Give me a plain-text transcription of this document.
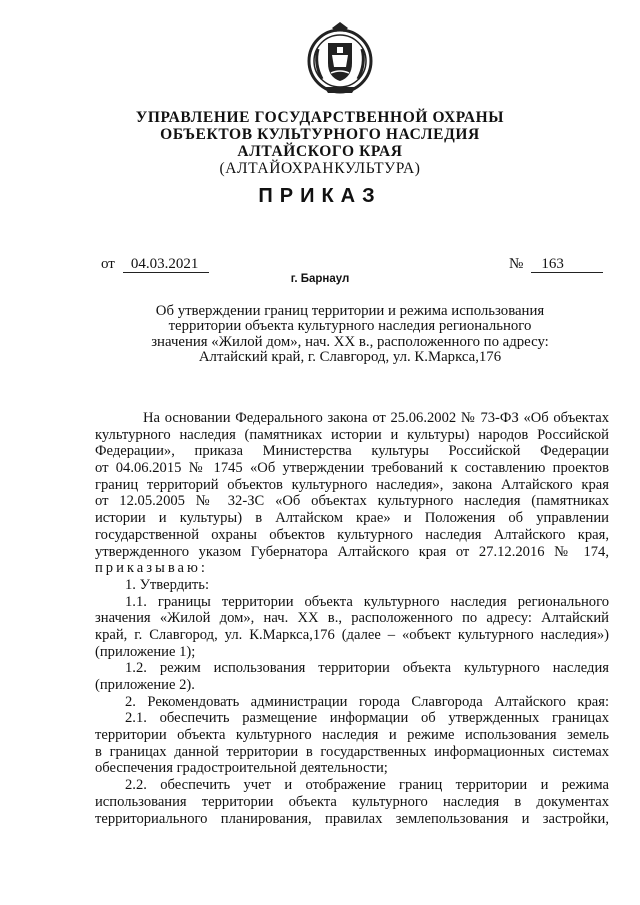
УПРАВЛЕНИЕ ГОСУДАРСТВЕННОЙ ОХРАНЫ
ОБЪЕКТОВ КУЛЬТУРНОГО НАСЛЕДИЯ
АЛТАЙСКОГО КРАЯ
(АЛТАЙОХРАНКУЛЬТУРА)
ПРИКАЗ
от 04.03.2021	№ 163
г. Барнаул
Об утверждении границ территории и режима использования
территории объекта культурного наследия регионального
значения «Жилой дом», нач. XX в., расположенного по адресу:
Алтайский край, г. Славгород, ул. К.Маркса,176
На основании Федерального закона от 25.06.2002 № 73-ФЗ «Об объектах
культурного наследия (памятниках истории и культуры) народов Российской
Федерации», приказа Министерства культуры Российской Федерации
от 04.06.2015 № 1745 «Об утверждении требований к составлению проектов
границ территорий объектов культурного наследия», закона Алтайского края
от 12.05.2005 № 32-ЗС «Об объектах культурного наследия (памятниках
истории и культуры) в Алтайском крае» и Положения об управлении
государственной охраны объектов культурного наследия Алтайского края,
утвержденного указом Губернатора Алтайского края от 27.12.2016 № 174,
приказываю:
1. Утвердить:
1.1. границы территории объекта культурного наследия регионального
значения «Жилой дом», нач. XX в., расположенного по адресу: Алтайский
край, г. Славгород, ул. К.Маркса,176 (далее – «объект культурного наследия»)
(приложение 1);
1.2. режим использования территории объекта культурного наследия
(приложение 2).
2. Рекомендовать администрации города Славгорода Алтайского края:
2.1. обеспечить размещение информации об утвержденных границах
территории объекта культурного наследия и режиме использования земель
в границах данной территории в государственных информационных системах
обеспечения градостроительной деятельности;
2.2. обеспечить учет и отображение границ территории и режима
использования территории объекта культурного наследия в документах
территориального планирования, правилах землепользования и застройки,
